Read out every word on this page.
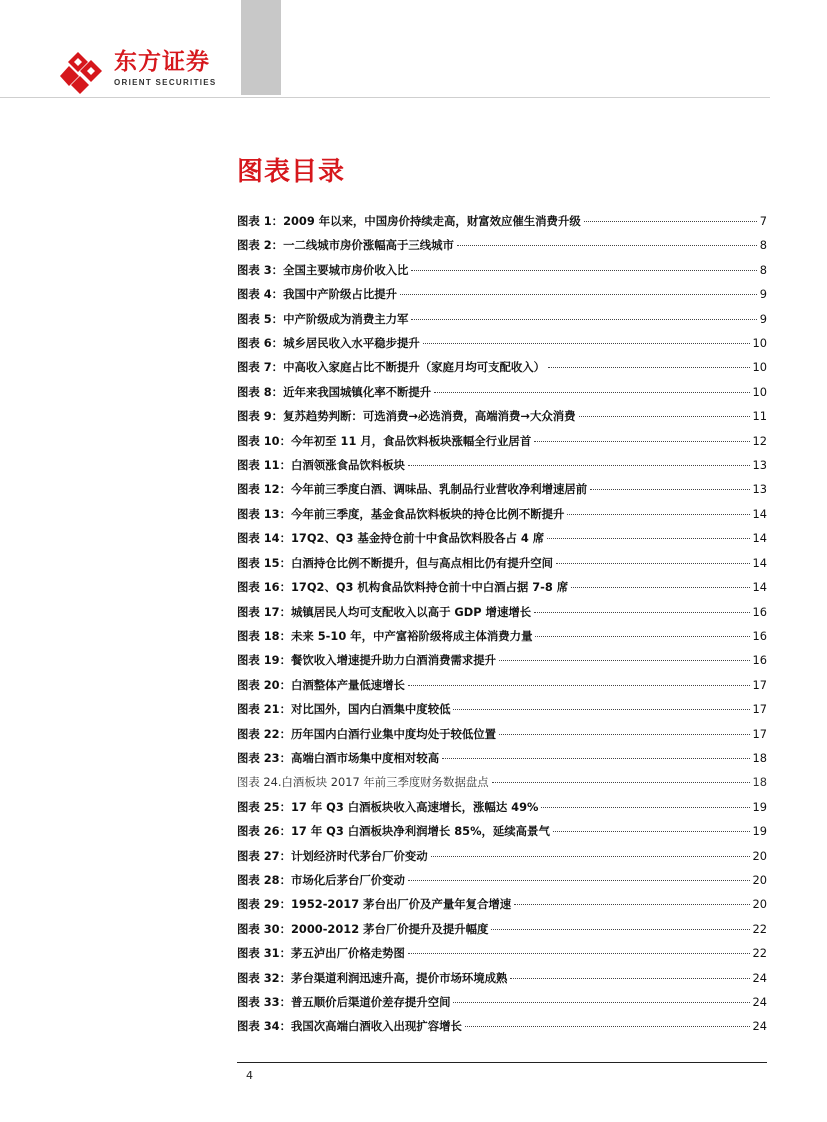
东方证券
ORIENT SECURITIES
图表目录
图表 1： 2009 年以来，中国房价持续走高，财富效应催生消费升级	7
图表 2： 一二线城市房价涨幅高于三线城市	8
图表 3： 全国主要城市房价收入比	8
图表 4： 我国中产阶级占比提升	9
图表 5： 中产阶级成为消费主力军	9
图表 6： 城乡居民收入水平稳步提升	10
图表 7： 中高收入家庭占比不断提升（家庭月均可支配收入）	10
图表 8： 近年来我国城镇化率不断提升	10
图表 9： 复苏趋势判断：可选消费→必选消费，高端消费→大众消费	11
图表 10： 今年初至 11 月，食品饮料板块涨幅全行业居首	12
图表 11： 白酒领涨食品饮料板块	13
图表 12： 今年前三季度白酒、调味品、乳制品行业营收净利增速居前	13
图表 13： 今年前三季度，基金食品饮料板块的持仓比例不断提升	14
图表 14： 17Q2、Q3 基金持仓前十中食品饮料股各占 4 席	14
图表 15： 白酒持仓比例不断提升，但与高点相比仍有提升空间	14
图表 16： 17Q2、Q3 机构食品饮料持仓前十中白酒占据 7-8 席	14
图表 17： 城镇居民人均可支配收入以高于 GDP 增速增长	16
图表 18： 未来 5-10 年，中产富裕阶级将成主体消费力量	16
图表 19： 餐饮收入增速提升助力白酒消费需求提升	16
图表 20： 白酒整体产量低速增长	17
图表 21： 对比国外，国内白酒集中度较低	17
图表 22： 历年国内白酒行业集中度均处于较低位置	17
图表 23： 高端白酒市场集中度相对较高	18
图表 24. 白酒板块 2017 年前三季度财务数据盘点	18
图表 25： 17 年 Q3 白酒板块收入高速增长，涨幅达 49%	19
图表 26： 17 年 Q3 白酒板块净利润增长 85%，延续高景气	19
图表 27： 计划经济时代茅台厂价变动	20
图表 28： 市场化后茅台厂价变动	20
图表 29： 1952-2017 茅台出厂价及产量年复合增速	20
图表 30： 2000-2012 茅台厂价提升及提升幅度	22
图表 31： 茅五泸出厂价格走势图	22
图表 32： 茅台渠道利润迅速升高，提价市场环境成熟	24
图表 33： 普五顺价后渠道价差存提升空间	24
图表 34： 我国次高端白酒收入出现扩容增长	24
4
